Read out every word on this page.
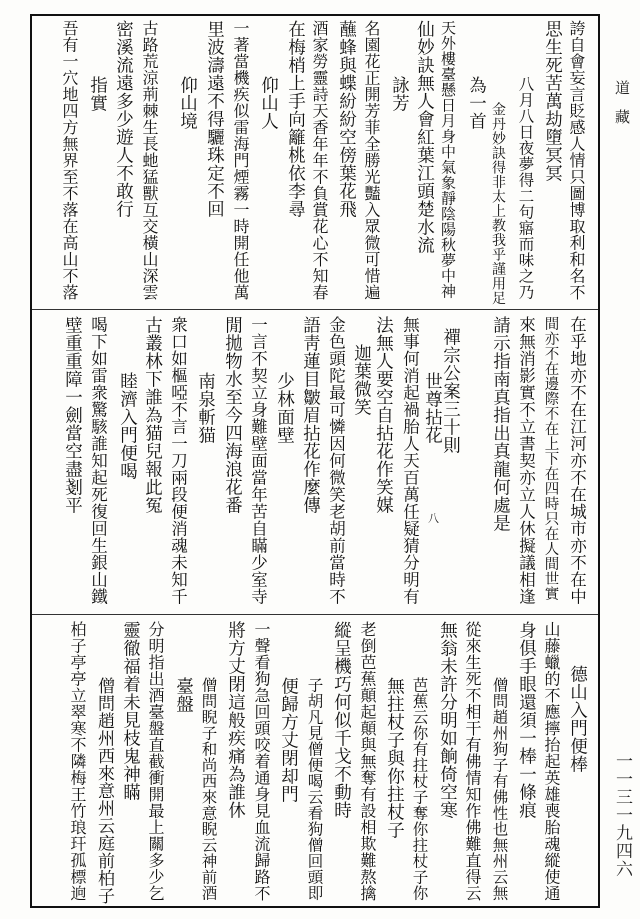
道藏
一一三一九四六
誇自會妄言貶感人情只圖博取利和名不
思生死苦萬劫墮冥冥
八月八日夜夢得二句寤而味之乃
金丹妙訣得非太上教我乎謹用足
為一首
天外樓臺懸日月身中氣象靜陰陽秋夢中神
仙妙訣無人會紅葉江頭楚水流
詠芳
名園花正開芳菲全勝光豔入眾微可惜遍
蘸蜂與蝶紛紛空傍葉花飛
酒家勞靈詩天香年年不負賞花心不知春
在梅梢上手向籬桃依李尋
仰山人
一著當機疾似雷海門煙霧一時開任他萬
里波濤遠不得驪珠定不回
仰山境
古路荒涼荊棘生長虵猛獸互交橫山深雲
密溪流遠多少遊人不敢行
指實
吾有一穴地四方無界至不落在高山不落
在乎地亦不在江河亦不在城市亦不在中
間亦不在邊際不在上下在四時只在人間世實
來無消影實不立書契亦立人休擬議相逢
請示指南真指出真龍何處是
禪宗公案三十則
世尊拈花
無事何消起禍胎人天百萬任疑猜分明有
法無人要空自拈花作笑媒
迦葉微笑
金色頭陀最可憐因何微笑老胡前當時不
語靑蓮目皺眉拈花作麼傳
少林面壁
一言不契立身難壁面當年苦自瞞少室寺
閒拋物水至今四海浪花番
南泉斬猫
衆口如樞啞不言一刀兩段便消魂未知千
古叢林下誰為猫兒報此冤
睦濟入門便喝
喝下如雷衆驚駭誰知起死復回生銀山鐵
壁重重障一劍當空盡剗平
德山入門便棒
山藤蠟的不應擰抬起英雄喪胎魂縱使通
身俱手眼還須一棒一條痕
僧問趙州狗子有佛性也無州云無
從來生死不相干有佛情知作佛難直得云
無翁未許分明如餉倚空寒
芭蕉云你有拄杖子奪你拄杖子你
無拄杖子與你拄杖子
老倒芭蕉顛起顛與無奪有設相欺難熬擒
縱呈機巧何似千戈不動時
子胡凡見僧便喝云看狗僧回頭即
便歸方丈閉却門
一聲看狗急回頭咬着通身見血流歸路不
將方丈閉這般疾痛為誰休
僧問睨子和尚西來意睨云神前酒
臺盤
分明指出酒臺盤直截衝開最上關多少乞
靈徹福着未見枝鬼神瞞
僧問趙州西來意州云庭前柏子
柏子亭亭立翠寒不隣梅王竹琅玕孤標逈
八
